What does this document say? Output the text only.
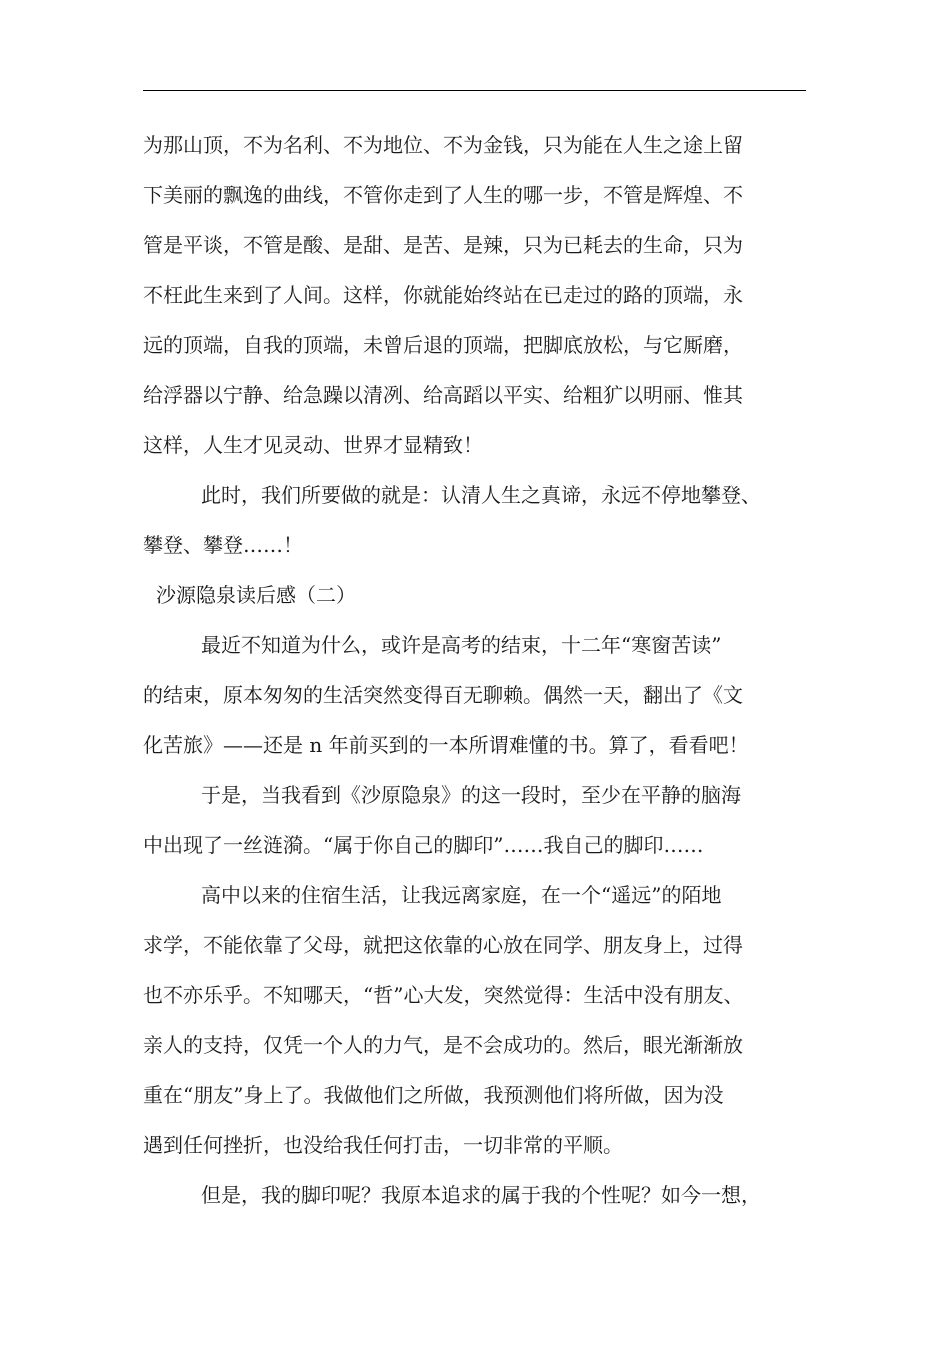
为那山顶，不为名利、不为地位、不为金钱，只为能在人生之途上留

下美丽的飘逸的曲线，不管你走到了人生的哪一步，不管是辉煌、不

管是平谈，不管是酸、是甜、是苦、是辣，只为已耗去的生命，只为

不枉此生来到了人间。这样，你就能始终站在已走过的路的顶端，永

远的顶端，自我的顶端，未曾后退的顶端，把脚底放松，与它厮磨，

给浮器以宁静、给急躁以清冽、给高蹈以平实、给粗犷以明丽、惟其

这样，人生才见灵动、世界才显精致！

此时，我们所要做的就是：认清人生之真谛，永远不停地攀登、

攀登、攀登……！

沙源隐泉读后感（二）

最近不知道为什么，或许是高考的结束，十二年“寒窗苦读”

的结束，原本匆匆的生活突然变得百无聊赖。偶然一天，翻出了《文

化苦旅》——还是 n 年前买到的一本所谓难懂的书。算了，看看吧！

于是，当我看到《沙原隐泉》的这一段时，至少在平静的脑海

中出现了一丝涟漪。“属于你自己的脚印”……我自己的脚印……

高中以来的住宿生活，让我远离家庭，在一个“遥远”的陌地

求学，不能依靠了父母，就把这依靠的心放在同学、朋友身上，过得

也不亦乐乎。不知哪天，“哲”心大发，突然觉得：生活中没有朋友、

亲人的支持，仅凭一个人的力气，是不会成功的。然后，眼光渐渐放

重在“朋友”身上了。我做他们之所做，我预测他们将所做，因为没

遇到任何挫折，也没给我任何打击，一切非常的平顺。

但是，我的脚印呢？我原本追求的属于我的个性呢？如今一想，
